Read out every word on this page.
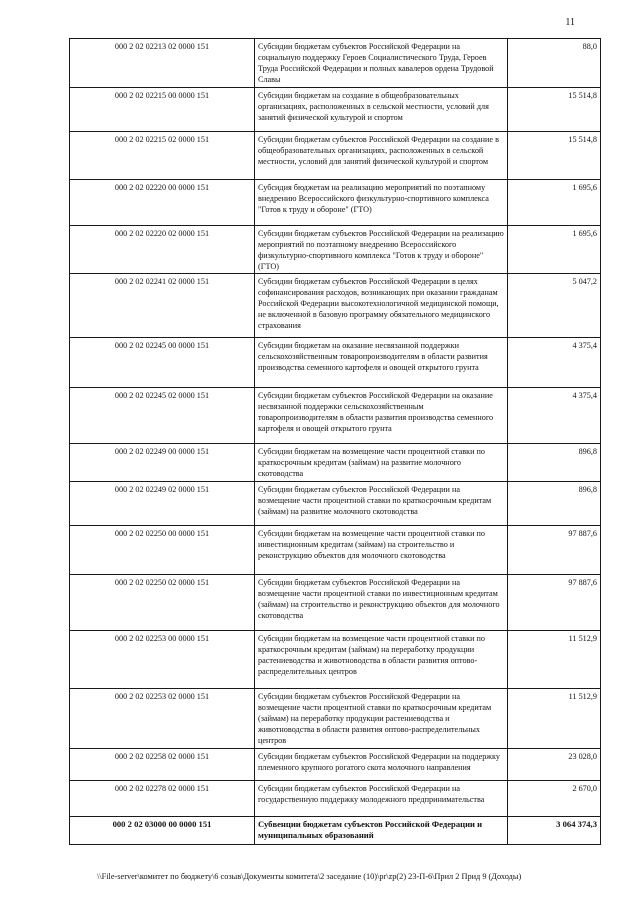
11
000 2 02 02213 02 0000 151	Субсидии бюджетам субъектов Российской Федерации на социальную поддержку Героев Социалистического Труда, Героев Труда Российской Федерации и полных кавалеров ордена Трудовой Славы	88,0
000 2 02 02215 00 0000 151	Субсидии бюджетам на создание в общеобразовательных организациях, расположенных в сельской местности, условий для занятий физической культурой и спортом	15 514,8
000 2 02 02215 02 0000 151	Субсидии бюджетам субъектов Российской Федерации на создание в общеобразовательных организациях, расположенных в сельской местности, условий для занятий физической культурой и спортом	15 514,8
000 2 02 02220 00 0000 151	Субсидия бюджетам на реализацию мероприятий по поэтапному внедрению Всероссийского физкультурно-спортивного комплекса "Готов к труду и обороне" (ГТО)	1 695,6
000 2 02 02220 02 0000 151	Субсидии бюджетам субъектов Российской Федерации на реализацию мероприятий по поэтапному внедрению Всероссийского физкультурно-спортивного комплекса "Готов к труду и обороне" (ГТО)	1 695,6
000 2 02 02241 02 0000 151	Субсидии бюджетам субъектов Российской Федерации в целях софинансирования расходов, возникающих при оказании гражданам Российской Федерации высокотехнологичной медицинской помощи, не включенной в базовую программу обязательного медицинского страхования	5 047,2
000 2 02 02245 00 0000 151	Субсидии бюджетам на оказание несвязанной поддержки сельскохозяйственным товаропроизводителям в области развития производства семенного картофеля и овощей открытого грунта	4 375,4
000 2 02 02245 02 0000 151	Субсидии бюджетам субъектов Российской Федерации на оказание несвязанной поддержки сельскохозяйственным товаропроизводителям в области развития производства семенного картофеля и овощей открытого грунта	4 375,4
000 2 02 02249 00 0000 151	Субсидии бюджетам на возмещение части процентной ставки по краткосрочным кредитам (займам) на развитие молочного скотоводства	896,8
000 2 02 02249 02 0000 151	Субсидии бюджетам субъектов Российской Федерации на возмещение части процентной ставки по краткосрочным кредитам (займам) на развитие молочного скотоводства	896,8
000 2 02 02250 00 0000 151	Субсидии бюджетам на возмещение части процентной ставки по инвестиционным кредитам (займам) на строительство и реконструкцию объектов для молочного скотоводства	97 887,6
000 2 02 02250 02 0000 151	Субсидии бюджетам субъектов Российской Федерации на возмещение части процентной ставки по инвестиционным кредитам (займам) на строительство и реконструкцию объектов для молочного скотоводства	97 887,6
000 2 02 02253 00 0000 151	Субсидии бюджетам на возмещение части процентной ставки по краткосрочным кредитам (займам) на переработку продукции растениеводства и животноводства в области развития оптово-распределительных центров	11 512,9
000 2 02 02253 02 0000 151	Субсидии бюджетам субъектов Российской Федерации на возмещение части процентной ставки по краткосрочным кредитам (займам) на переработку продукции растениеводства и животноводства в области развития оптово-распределительных центров	11 512,9
000 2 02 02258 02 0000 151	Субсидии бюджетам субъектов Российской Федерации на поддержку племенного крупного рогатого скота молочного направления	23 028,0
000 2 02 02278 02 0000 151	Субсидии бюджетам субъектов Российской Федерации на государственную поддержку молодежного предпринимательства	2 670,0
000 2 02 03000 00 0000 151	Субвенции бюджетам субъектов Российской Федерации и муниципальных образований	3 064 374,3
\\File-server\комитет по бюджету\6 созыв\Документы комитета\2 заседание (10)\pr\zp(2) 23-П-6\Прил 2 Прид 9 (Доходы)
